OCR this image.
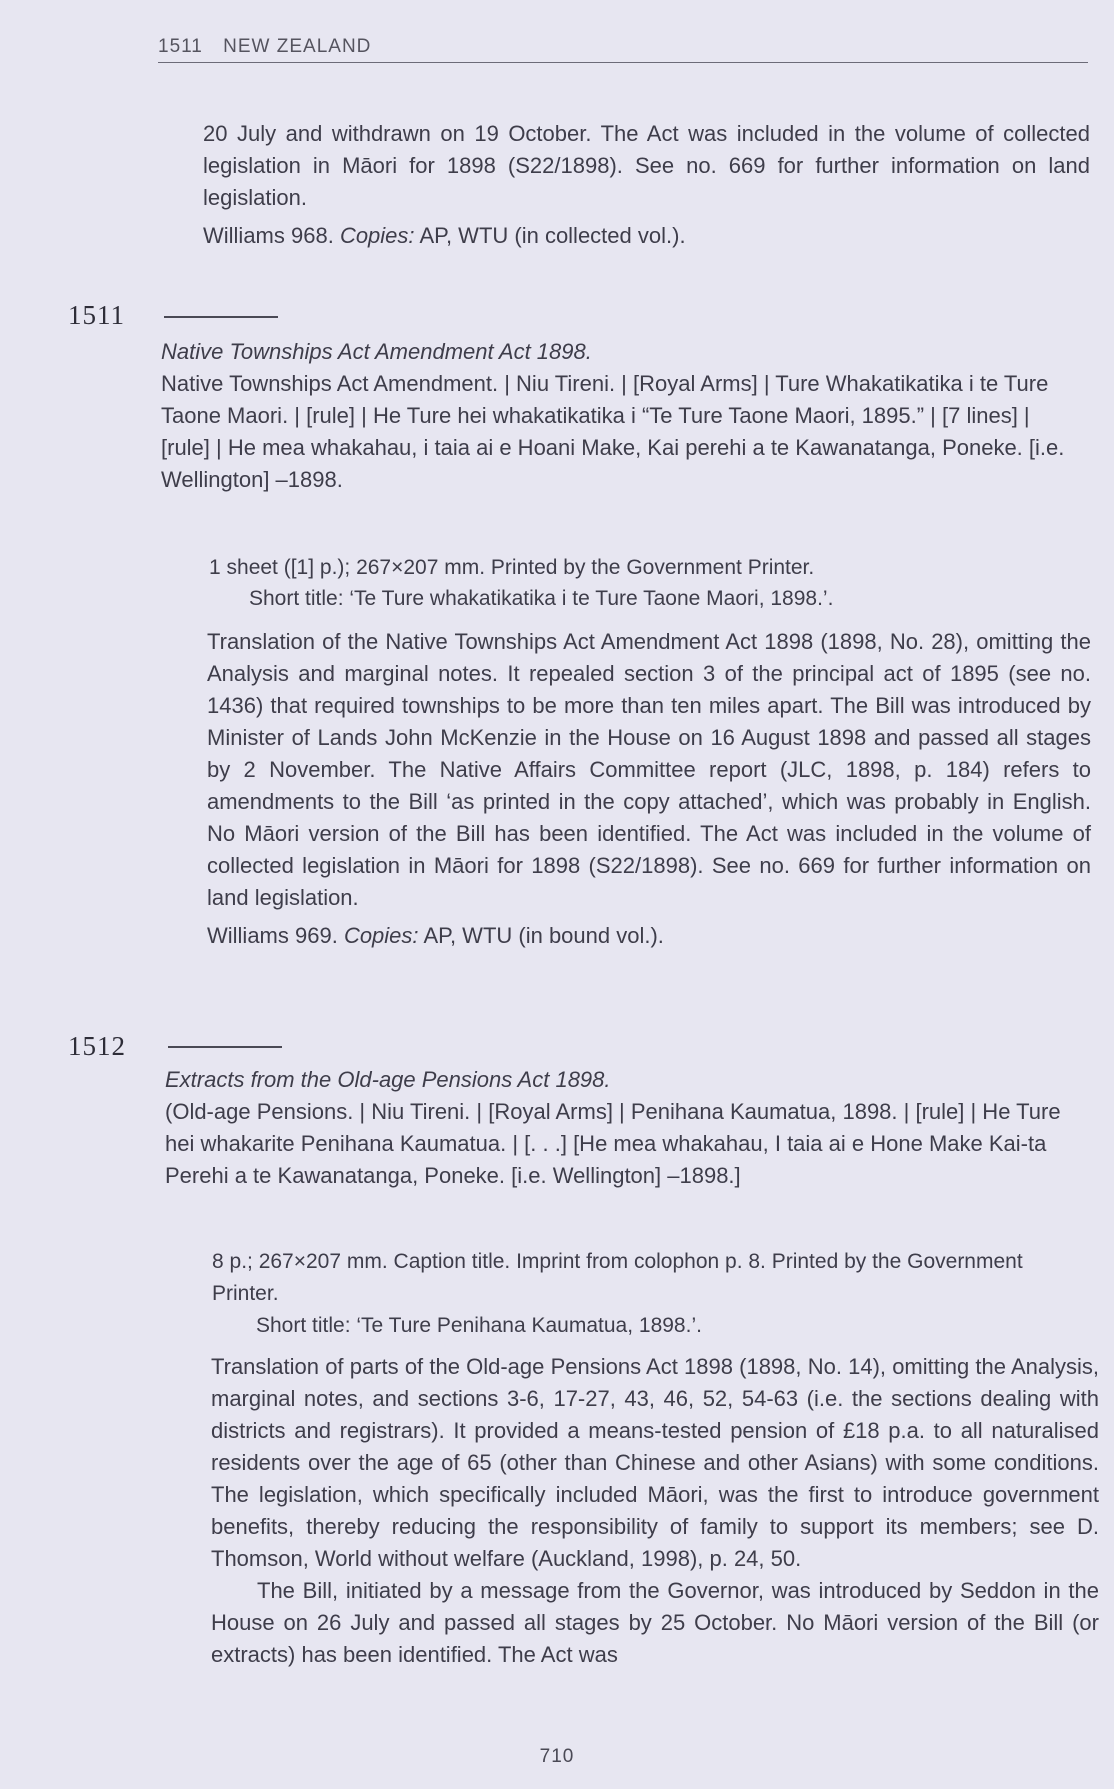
1511 NEW ZEALAND

20 July and withdrawn on 19 October. The Act was included in the volume of collected legislation in Māori for 1898 (S22/1898). See no. 669 for further information on land legislation.

Williams 968. Copies: AP, WTU (in collected vol.).

1511

Native Townships Act Amendment Act 1898.

Native Townships Act Amendment. | Niu Tireni. | [Royal Arms] | Ture Whakatikatika i te Ture Taone Maori. | [rule] | He Ture hei whakatikatika i “Te Ture Taone Maori, 1895.” | [7 lines] | [rule] | He mea whakahau, i taia ai e Hoani Make, Kai perehi a te Kawanatanga, Poneke. [i.e. Wellington] –1898.

1 sheet ([1] p.); 267×207 mm. Printed by the Government Printer.

Short title: ‘Te Ture whakatikatika i te Ture Taone Maori, 1898.’.

Translation of the Native Townships Act Amendment Act 1898 (1898, No. 28), omitting the Analysis and marginal notes. It repealed section 3 of the principal act of 1895 (see no. 1436) that required townships to be more than ten miles apart. The Bill was introduced by Minister of Lands John McKenzie in the House on 16 August 1898 and passed all stages by 2 November. The Native Affairs Committee report (JLC, 1898, p. 184) refers to amendments to the Bill ‘as printed in the copy attached’, which was probably in English. No Māori version of the Bill has been identified. The Act was included in the volume of collected legislation in Māori for 1898 (S22/1898). See no. 669 for further information on land legislation.

Williams 969. Copies: AP, WTU (in bound vol.).

1512

Extracts from the Old-age Pensions Act 1898.

(Old-age Pensions. | Niu Tireni. | [Royal Arms] | Penihana Kaumatua, 1898. | [rule] | He Ture hei whakarite Penihana Kaumatua. | [. . .] [He mea whakahau, I taia ai e Hone Make Kai-ta Perehi a te Kawanatanga, Poneke. [i.e. Wellington] –1898.]

8 p.; 267×207 mm. Caption title. Imprint from colophon p. 8. Printed by the Government Printer.

Short title: ‘Te Ture Penihana Kaumatua, 1898.’.

Translation of parts of the Old-age Pensions Act 1898 (1898, No. 14), omitting the Analysis, marginal notes, and sections 3-6, 17-27, 43, 46, 52, 54-63 (i.e. the sections dealing with districts and registrars). It provided a means-tested pension of £18 p.a. to all naturalised residents over the age of 65 (other than Chinese and other Asians) with some conditions. The legislation, which specifically included Māori, was the first to introduce government benefits, thereby reducing the responsibility of family to support its members; see D. Thomson, World without welfare (Auckland, 1998), p. 24, 50.

The Bill, initiated by a message from the Governor, was introduced by Seddon in the House on 26 July and passed all stages by 25 October. No Māori version of the Bill (or extracts) has been identified. The Act was

710
